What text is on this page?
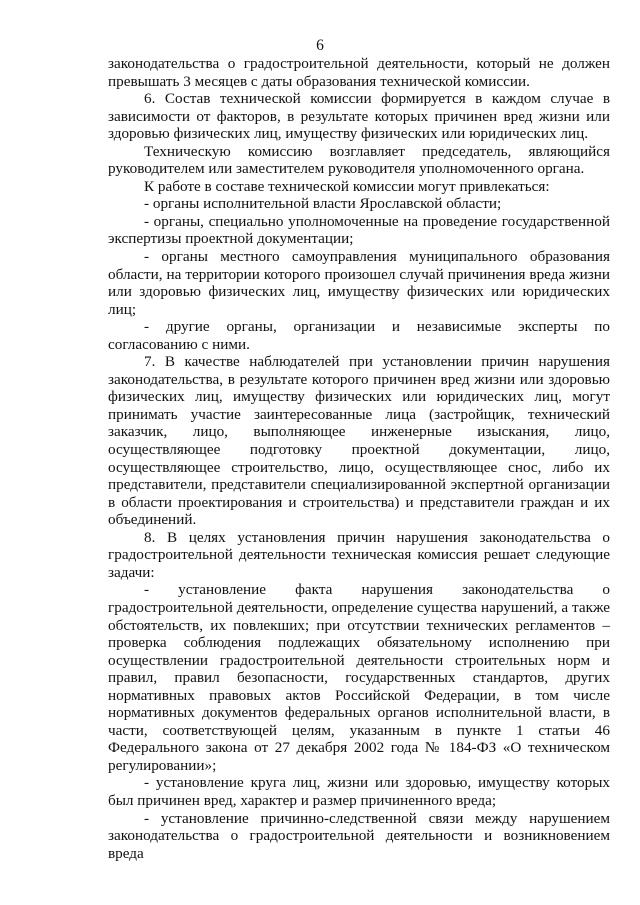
6

законодательства о градостроительной деятельности, который не должен превышать 3 месяцев с даты образования технической комиссии.

6. Состав технической комиссии формируется в каждом случае в зависимости от факторов, в результате которых причинен вред жизни или здоровью физических лиц, имуществу физических или юридических лиц.

Техническую комиссию возглавляет председатель, являющийся руководителем или заместителем руководителя уполномоченного органа.

К работе в составе технической комиссии могут привлекаться:

- органы исполнительной власти Ярославской области;

- органы, специально уполномоченные на проведение государственной экспертизы проектной документации;

- органы местного самоуправления муниципального образования области, на территории которого произошел случай причинения вреда жизни или здоровью физических лиц, имуществу физических или юридических лиц;

- другие органы, организации и независимые эксперты по согласованию с ними.

7. В качестве наблюдателей при установлении причин нарушения законодательства, в результате которого причинен вред жизни или здоровью физических лиц, имуществу физических или юридических лиц, могут принимать участие заинтересованные лица (застройщик, технический заказчик, лицо, выполняющее инженерные изыскания, лицо, осуществляющее подготовку проектной документации, лицо, осуществляющее строительство, лицо, осуществляющее снос, либо их представители, представители специализированной экспертной организации в области проектирования и строительства) и представители граждан и их объединений.

8. В целях установления причин нарушения законодательства о градостроительной деятельности техническая комиссия решает следующие задачи:

- установление факта нарушения законодательства о градостроительной деятельности, определение существа нарушений, а также обстоятельств, их повлекших; при отсутствии технических регламентов – проверка соблюдения подлежащих обязательному исполнению при осуществлении градостроительной деятельности строительных норм и правил, правил безопасности, государственных стандартов, других нормативных правовых актов Российской Федерации, в том числе нормативных документов федеральных органов исполнительной власти, в части, соответствующей целям, указанным в пункте 1 статьи 46 Федерального закона от 27 декабря 2002 года № 184-ФЗ «О техническом регулировании»;

- установление круга лиц, жизни или здоровью, имуществу которых был причинен вред, характер и размер причиненного вреда;

- установление причинно-следственной связи между нарушением законодательства о градостроительной деятельности и возникновением вреда
